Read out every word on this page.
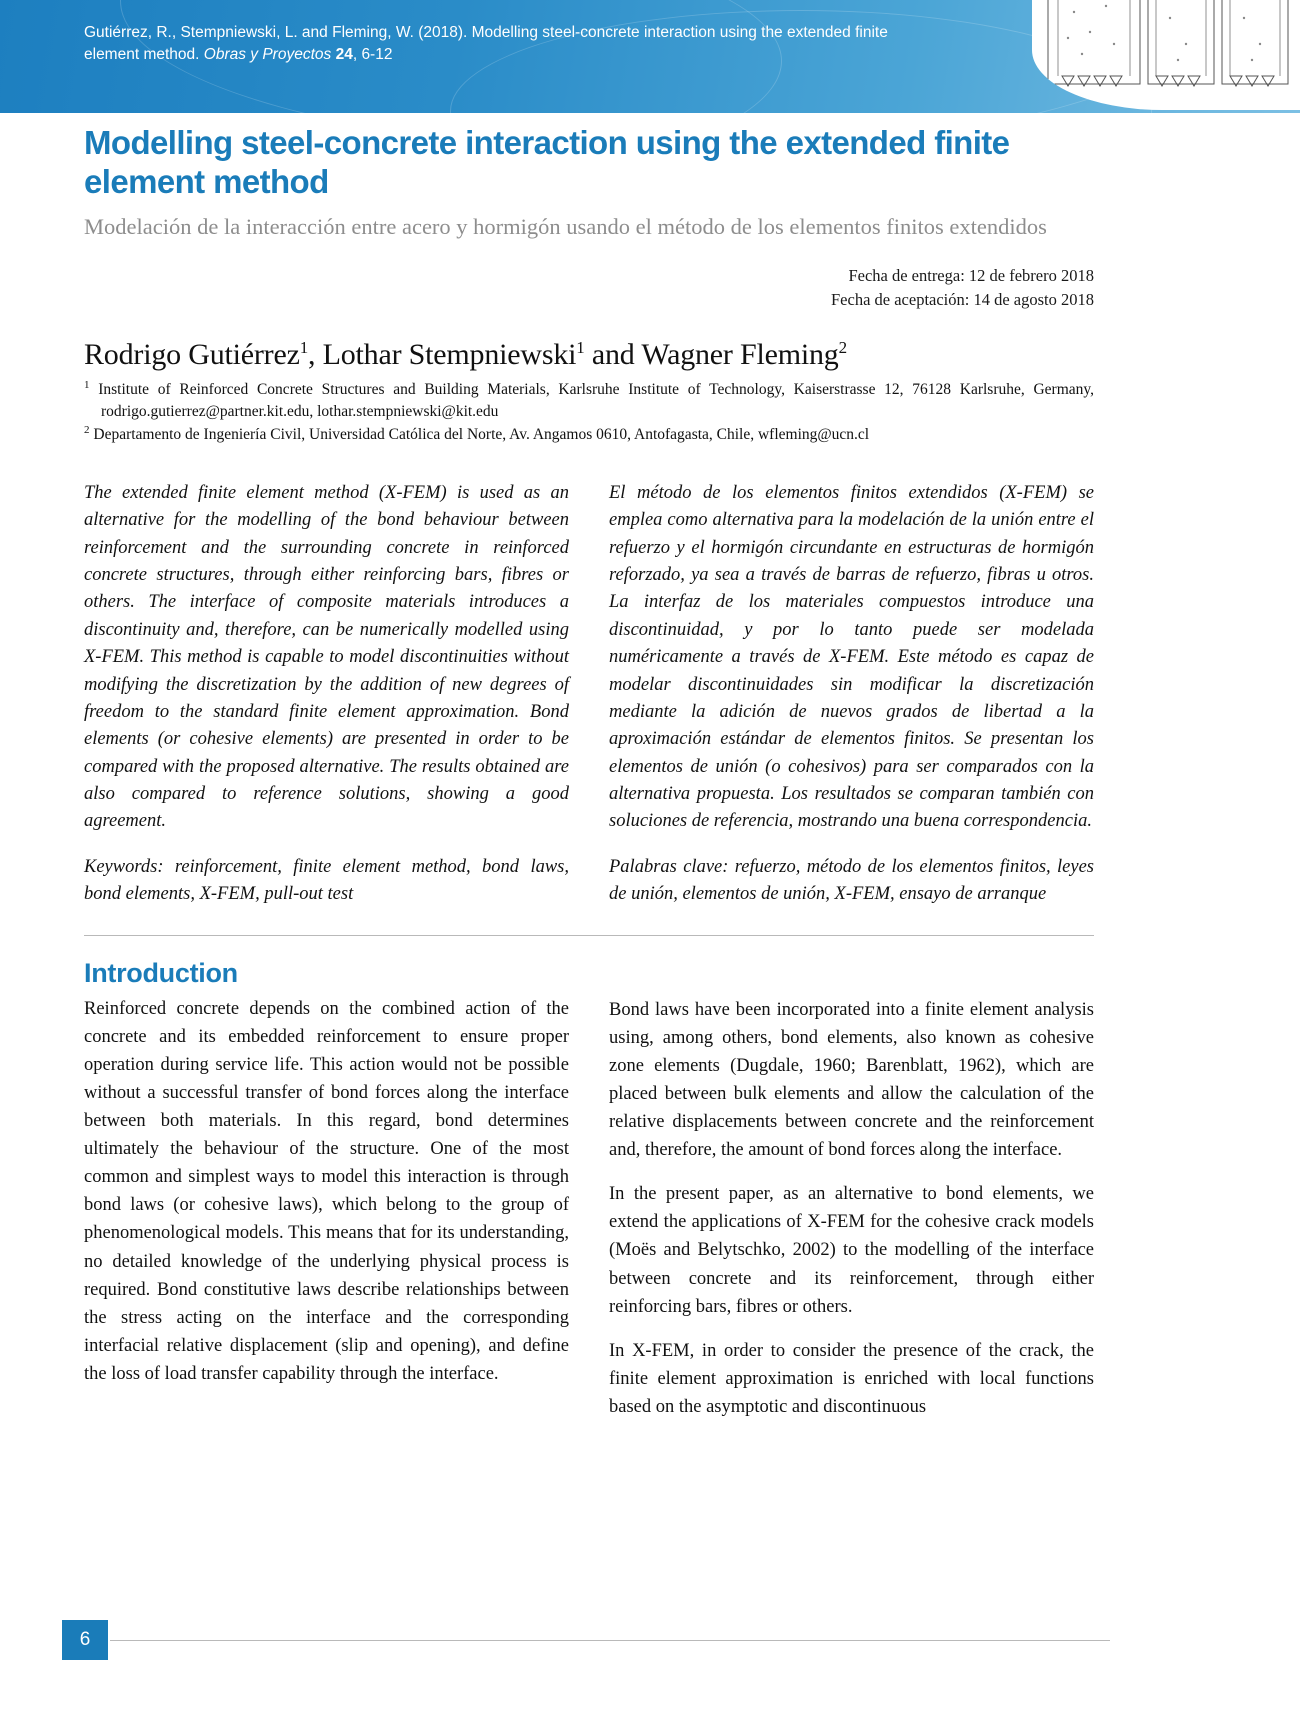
Gutiérrez, R., Stempniewski, L. and Fleming, W. (2018). Modelling steel-concrete interaction using the extended finite element method. Obras y Proyectos 24, 6-12
Modelling steel-concrete interaction using the extended finite element method

Modelación de la interacción entre acero y hormigón usando el método de los elementos finitos extendidos

Fecha de entrega: 12 de febrero 2018
Fecha de aceptación: 14 de agosto 2018
Rodrigo Gutiérrez$^1$, Lothar Stempniewski$^1$ and Wagner Fleming$^2$
$^1$ Institute of Reinforced Concrete Structures and Building Materials, Karlsruhe Institute of Technology, Kaiserstrasse 12, 76128 Karlsruhe, Germany, rodrigo.gutierrez@partner.kit.edu, lothar.stempniewski@kit.edu
$^2$ Departamento de Ingeniería Civil, Universidad Católica del Norte, Av. Angamos 0610, Antofagasta, Chile, wfleming@ucn.cl

The extended finite element method (X-FEM) is used as an alternative for the modelling of the bond behaviour between reinforcement and the surrounding concrete in reinforced concrete structures, through either reinforcing bars, fibres or others. The interface of composite materials introduces a discontinuity and, therefore, can be numerically modelled using X-FEM. This method is capable to model discontinuities without modifying the discretization by the addition of new degrees of freedom to the standard finite element approximation. Bond elements (or cohesive elements) are presented in order to be compared with the proposed alternative. The results obtained are also compared to reference solutions, showing a good agreement.

Keywords: reinforcement, finite element method, bond laws, bond elements, X-FEM, pull-out test

El método de los elementos finitos extendidos (X-FEM) se emplea como alternativa para la modelación de la unión entre el refuerzo y el hormigón circundante en estructuras de hormigón reforzado, ya sea a través de barras de refuerzo, fibras u otros. La interfaz de los materiales compuestos introduce una discontinuidad, y por lo tanto puede ser modelada numéricamente a través de X-FEM. Este método es capaz de modelar discontinuidades sin modificar la discretización mediante la adición de nuevos grados de libertad a la aproximación estándar de elementos finitos. Se presentan los elementos de unión (o cohesivos) para ser comparados con la alternativa propuesta. Los resultados se comparan también con soluciones de referencia, mostrando una buena correspondencia.

Palabras clave: refuerzo, método de los elementos finitos, leyes de unión, elementos de unión, X-FEM, ensayo de arranque

Introduction

Reinforced concrete depends on the combined action of the concrete and its embedded reinforcement to ensure proper operation during service life. This action would not be possible without a successful transfer of bond forces along the interface between both materials. In this regard, bond determines ultimately the behaviour of the structure. One of the most common and simplest ways to model this interaction is through bond laws (or cohesive laws), which belong to the group of phenomenological models. This means that for its understanding, no detailed knowledge of the underlying physical process is required. Bond constitutive laws describe relationships between the stress acting on the interface and the corresponding interfacial relative displacement (slip and opening), and define the loss of load transfer capability through the interface.

Bond laws have been incorporated into a finite element analysis using, among others, bond elements, also known as cohesive zone elements (Dugdale, 1960; Barenblatt, 1962), which are placed between bulk elements and allow the calculation of the relative displacements between concrete and the reinforcement and, therefore, the amount of bond forces along the interface.

In the present paper, as an alternative to bond elements, we extend the applications of X-FEM for the cohesive crack models (Moës and Belytschko, 2002) to the modelling of the interface between concrete and its reinforcement, through either reinforcing bars, fibres or others.

In X-FEM, in order to consider the presence of the crack, the finite element approximation is enriched with local functions based on the asymptotic and discontinuous

6
